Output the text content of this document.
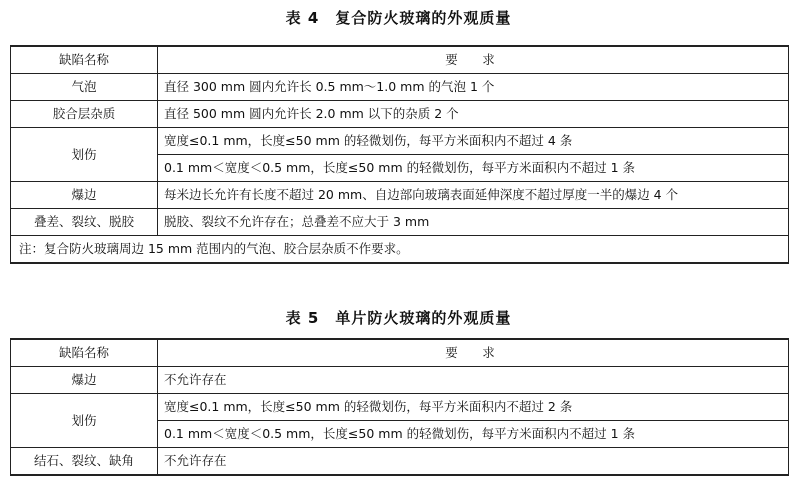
表 4　复合防火玻璃的外观质量
缺陷名称	要　求
气泡	直径 300 mm 圆内允许长 0.5 mm～1.0 mm 的气泡 1 个
胶合层杂质	直径 500 mm 圆内允许长 2.0 mm 以下的杂质 2 个
划伤	宽度≤0.1 mm，长度≤50 mm 的轻微划伤，每平方米面积内不超过 4 条
	0.1 mm＜宽度＜0.5 mm，长度≤50 mm 的轻微划伤，每平方米面积内不超过 1 条
爆边	每米边长允许有长度不超过 20 mm、自边部向玻璃表面延伸深度不超过厚度一半的爆边 4 个
叠差、裂纹、脱胶	脱胶、裂纹不允许存在；总叠差不应大于 3 mm
注：复合防火玻璃周边 15 mm 范围内的气泡、胶合层杂质不作要求。	
表 5　单片防火玻璃的外观质量
缺陷名称	要　求
爆边	不允许存在
划伤	宽度≤0.1 mm，长度≤50 mm 的轻微划伤，每平方米面积内不超过 2 条
	0.1 mm＜宽度＜0.5 mm，长度≤50 mm 的轻微划伤，每平方米面积内不超过 1 条
结石、裂纹、缺角	不允许存在
